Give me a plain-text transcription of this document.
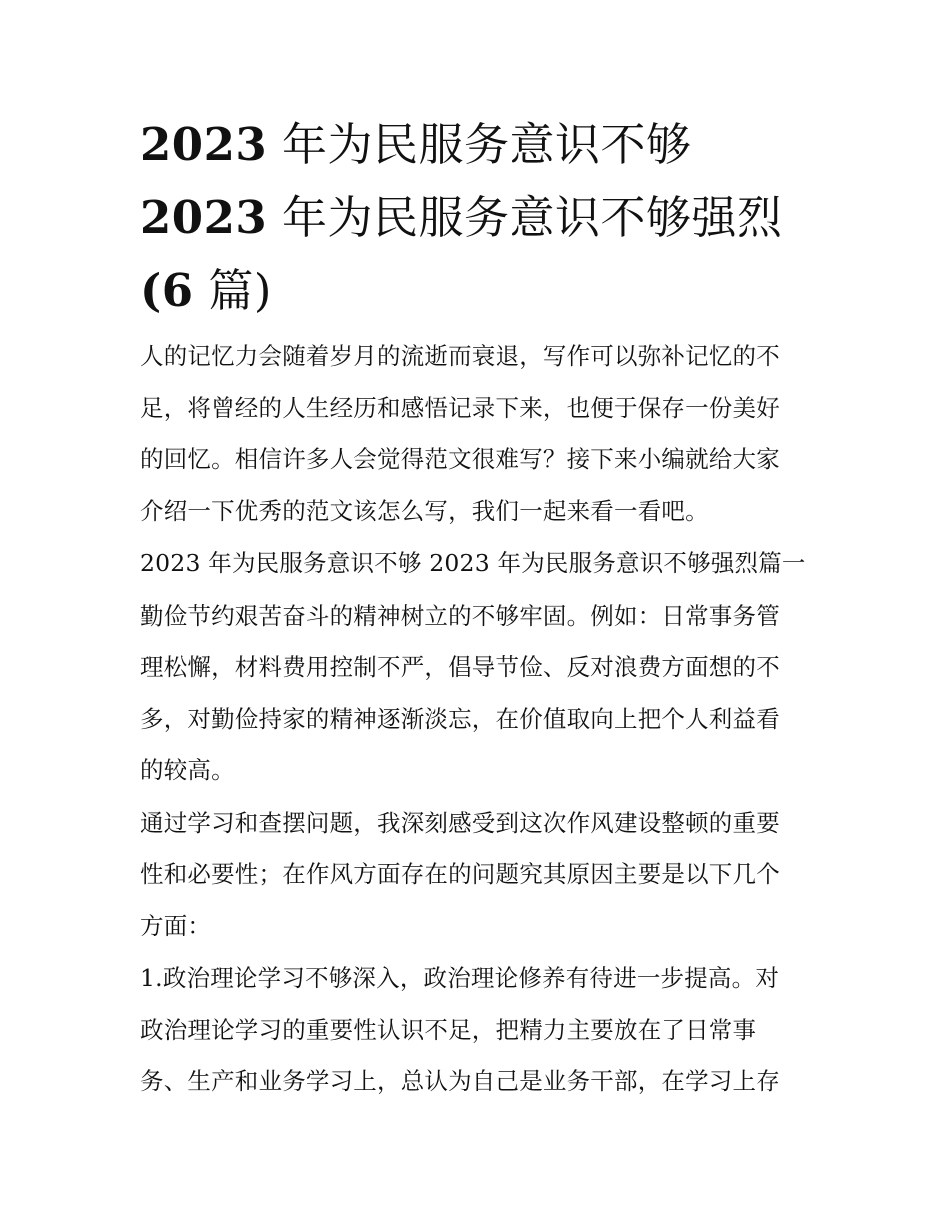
2023 年为民服务意识不够
2023 年为民服务意识不够强烈
(6 篇)

人的记忆力会随着岁月的流逝而衰退，写作可以弥补记忆的不
足，将曾经的人生经历和感悟记录下来，也便于保存一份美好
的回忆。相信许多人会觉得范文很难写？接下来小编就给大家
介绍一下优秀的范文该怎么写，我们一起来看一看吧。

2023 年为民服务意识不够 2023 年为民服务意识不够强烈篇一

勤俭节约艰苦奋斗的精神树立的不够牢固。例如：日常事务管
理松懈，材料费用控制不严，倡导节俭、反对浪费方面想的不
多，对勤俭持家的精神逐渐淡忘，在价值取向上把个人利益看
的较高。

通过学习和查摆问题，我深刻感受到这次作风建设整顿的重要
性和必要性；在作风方面存在的问题究其原因主要是以下几个
方面：

1.政治理论学习不够深入，政治理论修养有待进一步提高。对
政治理论学习的重要性认识不足，把精力主要放在了日常事
务、生产和业务学习上，总认为自己是业务干部，在学习上存
